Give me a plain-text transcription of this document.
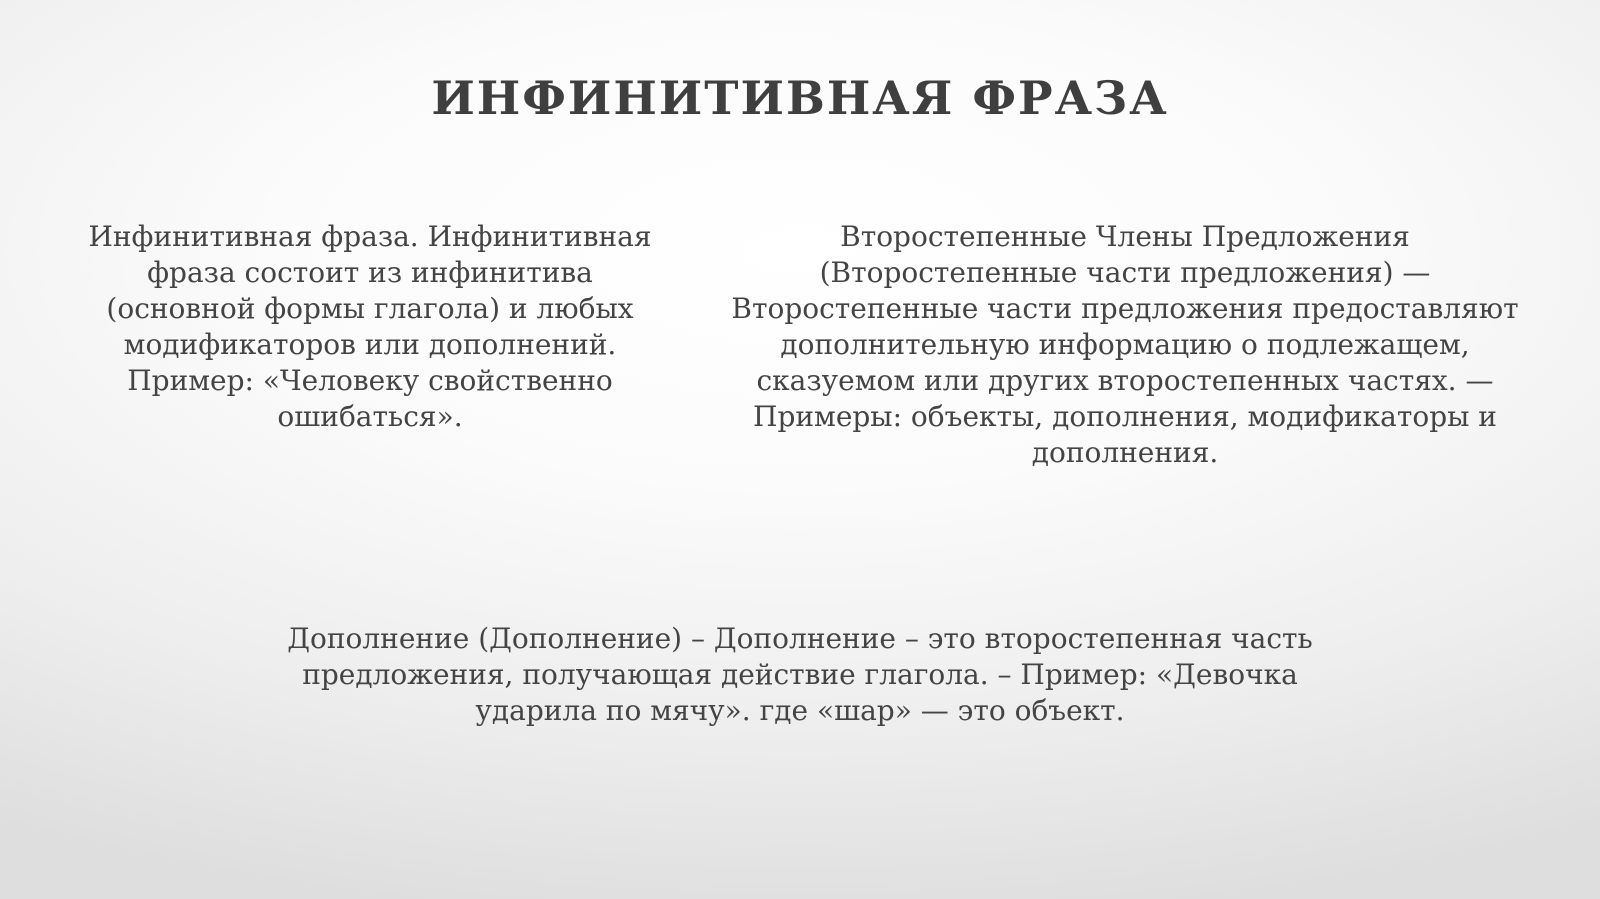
ИНФИНИТИВНАЯ ФРАЗА

Инфинитивная фраза. Инфинитивная
фраза состоит из инфинитива
(основной формы глагола) и любых
модификаторов или дополнений.
Пример: «Человеку свойственно
ошибаться».

Второстепенные Члены Предложения
(Второстепенные части предложения) —
Второстепенные части предложения предоставляют
дополнительную информацию о подлежащем,
сказуемом или других второстепенных частях. —
Примеры: объекты, дополнения, модификаторы и
дополнения.

Дополнение (Дополнение) – Дополнение – это второстепенная часть
предложения, получающая действие глагола. – Пример: «Девочка
ударила по мячу». где «шар» — это объект.
